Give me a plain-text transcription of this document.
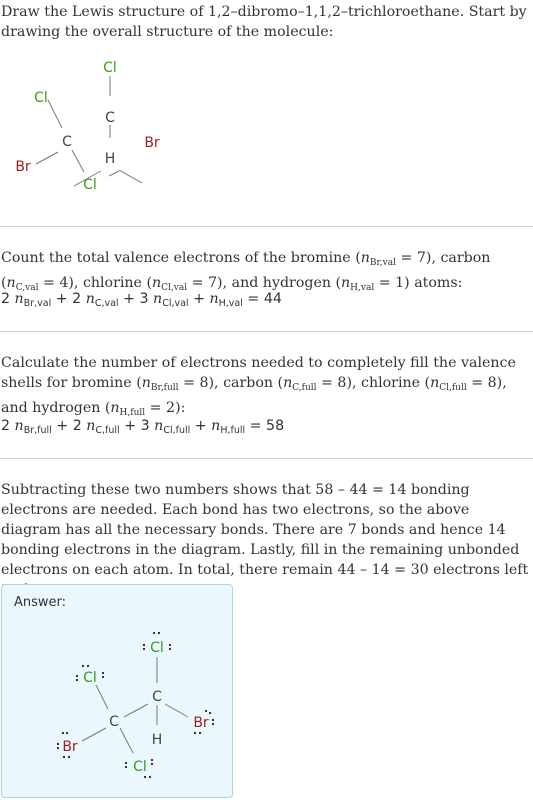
Draw the Lewis structure of 1,2–dibromo–1,1,2–trichloroethane. Start by drawing the overall structure of the molecule:
Cl
Cl
C
Br
C
H
Br
Cl
Count the total valence electrons of the bromine $(n_{Br,val} = 7)$, carbon $(n_{C,val} = 4)$, chlorine $(n_{Cl,val} = 7)$, and hydrogen $(n_{H,val} = 1)$ atoms:
2 $n_{Br,val} + 2$ $n_{C,val} + 3$ $n_{Cl,val} + n_{H,val} = 44$
Calculate the number of electrons needed to completely fill the valence shells for bromine $(n_{Br,full} = 8)$, carbon $(n_{C,full} = 8)$, chlorine $(n_{Cl,full} = 8)$, and hydrogen $(n_{H,full} = 2)$:
2 $n_{Br,full} + 2$ $n_{C,full} + 3$ $n_{Cl,full} + n_{H,full} = 58$
Subtracting these two numbers shows that 58 – 44 = 14 bonding electrons are needed. Each bond has two electrons, so the above diagram has all the necessary bonds. There are 7 bonds and hence 14 bonding electrons in the diagram. Lastly, fill in the remaining unbonded electrons on each atom. In total, there remain 44 – 14 = 30 electrons left
Answer:
Cl
Cl
C
C
H
Br
Br
Cl
